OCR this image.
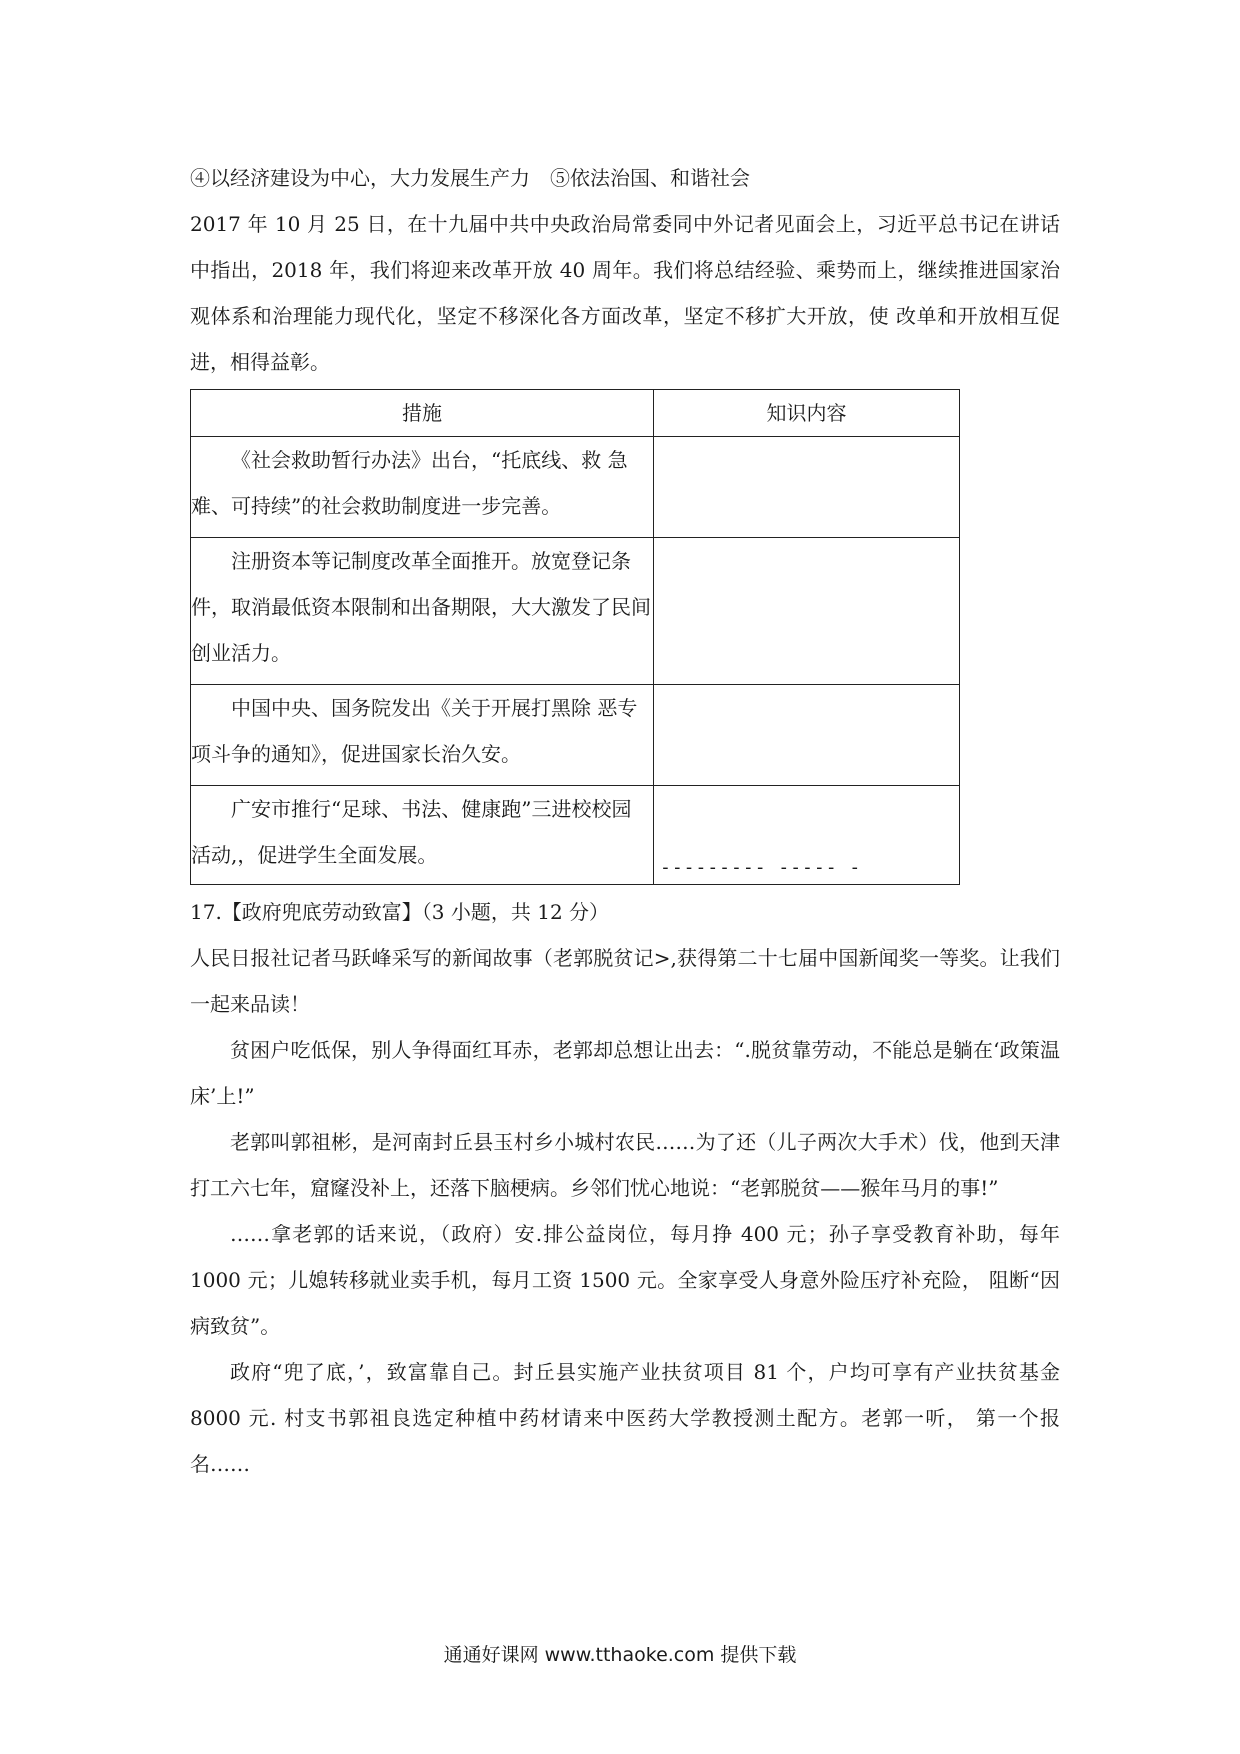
④以经济建设为中心，大力发展生产力　⑤依法治国、和谐社会

2017 年 10 月 25 日，在十九届中共中央政治局常委同中外记者见面会上，习近平总书记在讲话中指出，2018 年，我们将迎来改革开放 40 周年。我们将总结经验、乘势而上，继续推进国家治观体系和治理能力现代化，坚定不移深化各方面改革，坚定不移扩大开放，使 改单和开放相互促进，相得益彰。

措施	知识内容

《社会救助暂行办法》出台，“托底线、救 急难、可持续”的社会救助制度进一步完善。	

注册资本等记制度改革全面推开。放宽登记条件，取消最低资本限制和出备期限，大大激发了民间创业活力。	

中国中央、国务院发出《关于开展打黑除 恶专项斗争的通知》，促进国家长治久安。	

广安市推行“足球、书法、健康跑”三进校校园活动,，促进学生全面发展。	--------- ----- -

17.【政府兜底劳动致富】（3 小题，共 12 分）

人民日报社记者马跃峰采写的新闻故事（老郭脱贫记>,获得第二十七届中国新闻奖一等奖。让我们一起来品读！

贫困户吃低保，别人争得面红耳赤，老郭却总想让出去：“.脱贫靠劳动，不能总是躺在‘政策温床’上!”

老郭叫郭祖彬，是河南封丘县玉村乡小城村农民……为了还（儿子两次大手术）伐，他到天津打工六七年，窟窿没补上，还落下脑梗病。乡邻们忧心地说：“老郭脱贫——猴年马月的事!”

……拿老郭的话来说，（政府）安.排公益岗位，每月挣 400 元；孙子享受教育补助，每年 1000 元；儿媳转移就业卖手机，每月工资 1500 元。全家享受人身意外险压疗补充险， 阻断“因病致贫”。

政府“兜了底，’，致富靠自己。封丘县实施产业扶贫项目 81 个，户均可享有产业扶贫基金 8000 元. 村支书郭祖良选定种植中药材请来中医药大学教授测土配方。老郭一听， 第一个报名……

通通好课网 www.tthaoke.com 提供下载
